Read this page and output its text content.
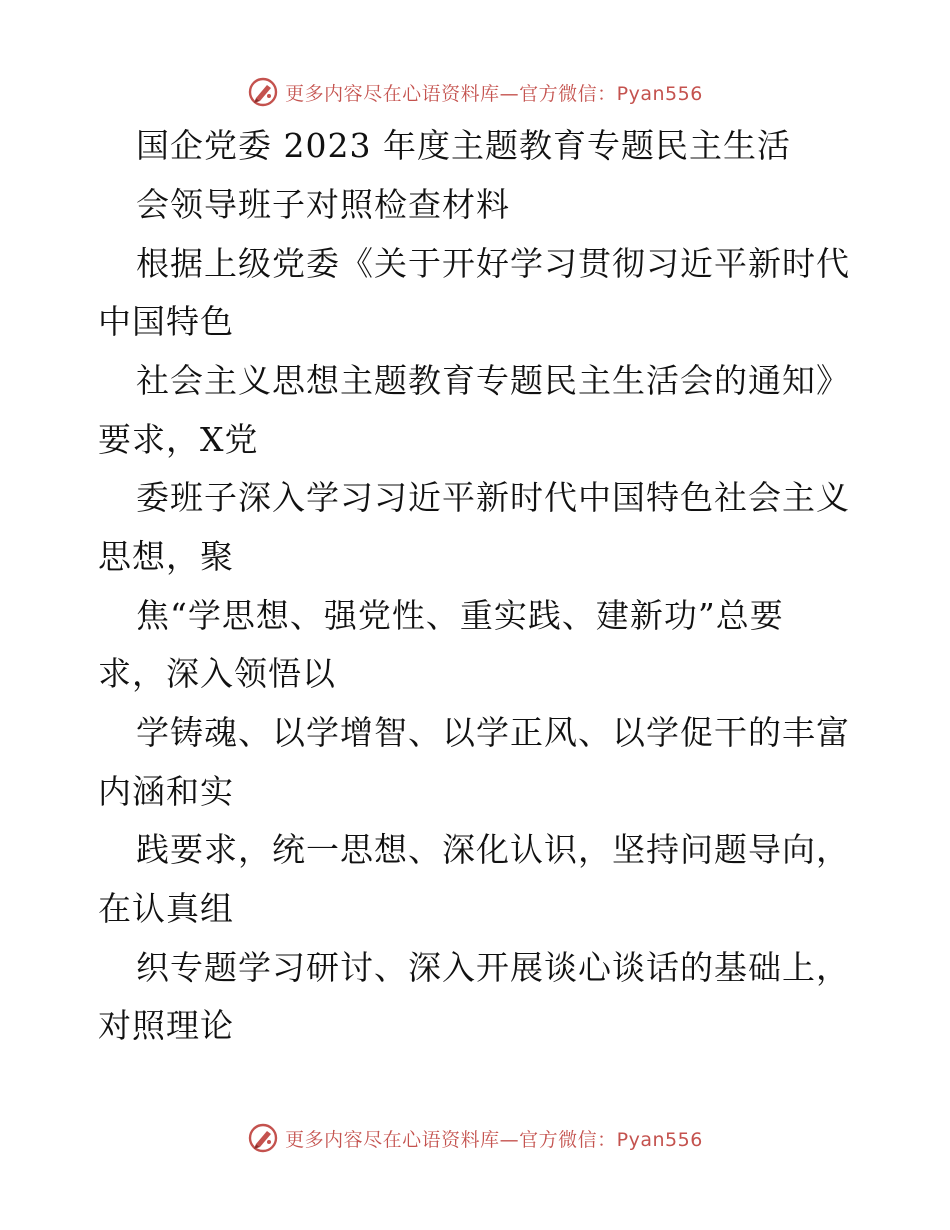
更多内容尽在心语资料库—官方微信：Pyan556
国企党委 2023 年度主题教育专题民主生活
会领导班子对照检查材料
根据上级党委《关于开好学习贯彻习近平新时代
中国特色
社会主义思想主题教育专题民主生活会的通知》
要求，X党
委班子深入学习习近平新时代中国特色社会主义
思想，聚
焦“学思想、强党性、重实践、建新功”总要
求，深入领悟以
学铸魂、以学增智、以学正风、以学促干的丰富
内涵和实
践要求，统一思想、深化认识，坚持问题导向，
在认真组
织专题学习研讨、深入开展谈心谈话的基础上，
对照理论
更多内容尽在心语资料库—官方微信：Pyan556
